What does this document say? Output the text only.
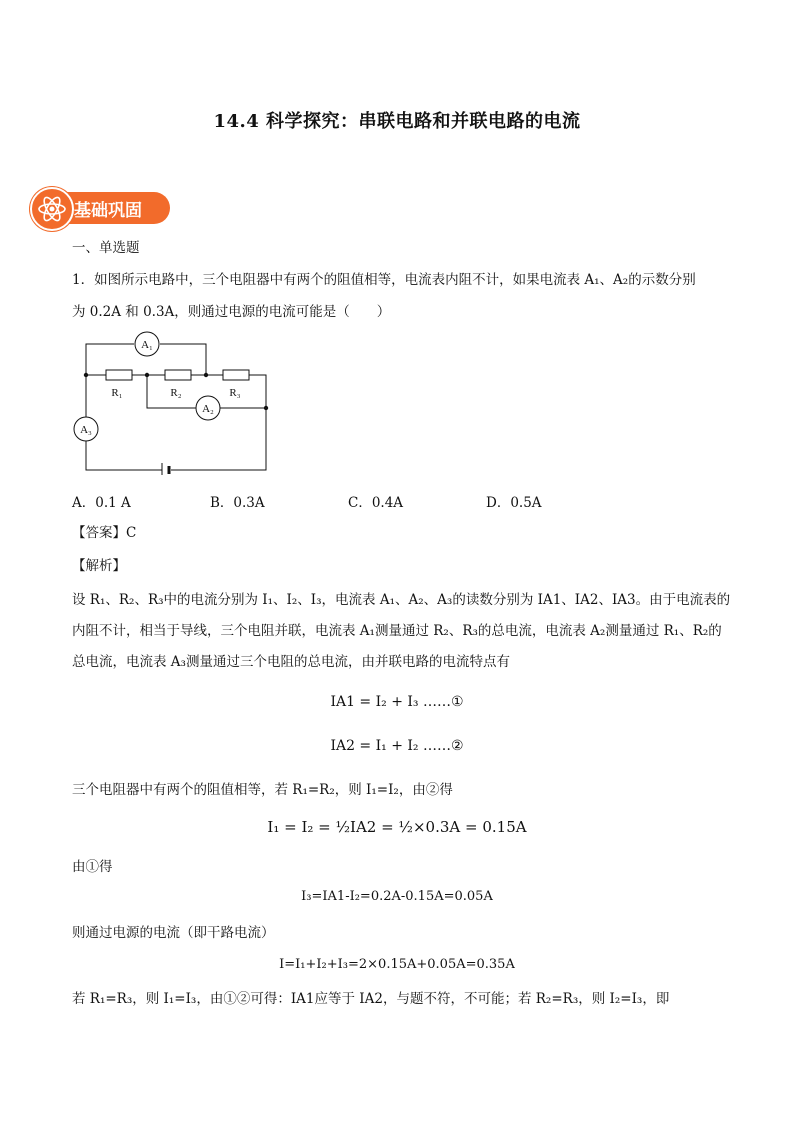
14.4 科学探究：串联电路和并联电路的电流
基础巩固
一、单选题
1．如图所示电路中，三个电阻器中有两个的阻值相等，电流表内阻不计，如果电流表 A₁、A₂的示数分别
为 0.2A 和 0.3A，则通过电源的电流可能是（　　）
A₁
A₂
A₃
R₁	R₂	R₃
A．0.1 A	B．0.3A	C．0.4A	D．0.5A
【答案】C
【解析】
设 R₁、R₂、R₃中的电流分别为 I₁、I₂、I₃，电流表 A₁、A₂、A₃的读数分别为 IA1、IA2、IA3。由于电流表的内阻不计，相当于导线，三个电阻并联，电流表 A₁测量通过 R₂、R₃的总电流，电流表 A₂测量通过 R₁、R₂的总电流，电流表 A₃测量通过三个电阻的总电流，由并联电路的电流特点有
IA1 = I₂ + I₃ ……①
IA2 = I₁ + I₂ ……②
三个电阻器中有两个的阻值相等，若 R₁=R₂，则 I₁=I₂，由②得
I₁ = I₂ = ½IA2 = ½×0.3A = 0.15A
由①得
I₃=IA1-I₂=0.2A-0.15A=0.05A
则通过电源的电流（即干路电流）
I=I₁+I₂+I₃=2×0.15A+0.05A=0.35A
若 R₁=R₃，则 I₁=I₃，由①②可得：IA1应等于 IA2，与题不符，不可能；若 R₂=R₃，则 I₂=I₃，即
